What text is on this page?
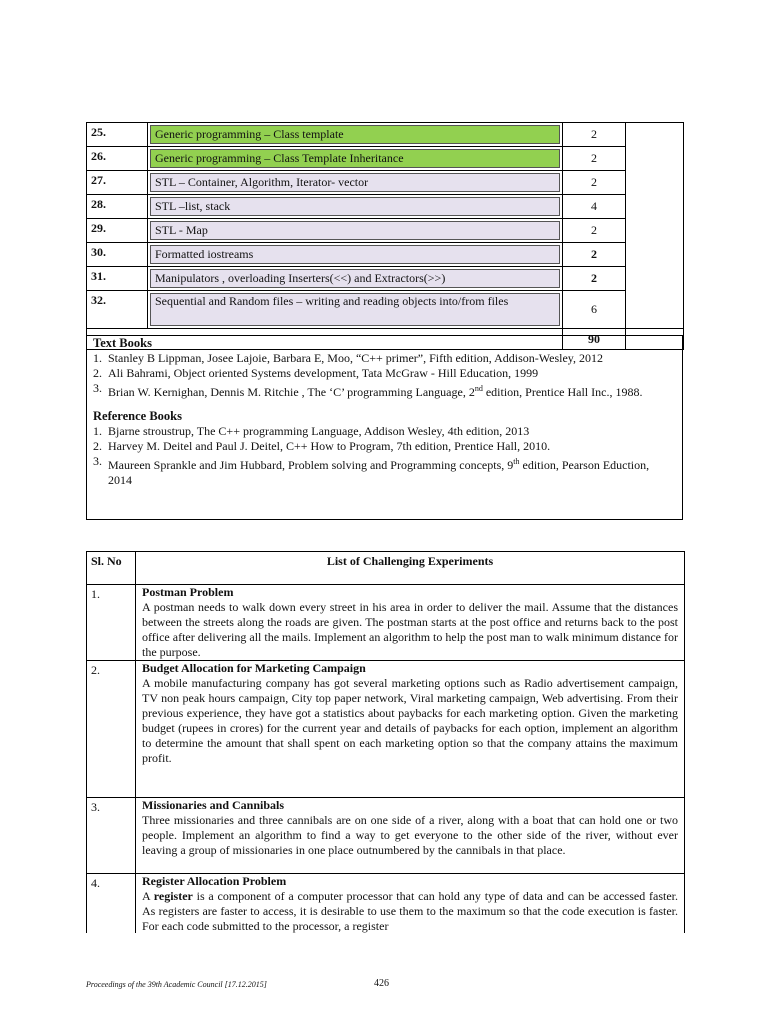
25.	Generic programming – Class template	2	
26.	Generic programming – Class Template Inheritance	2	
27.	STL – Container, Algorithm, Iterator- vector	2	
28.	STL –list, stack	4	
29.	STL - Map	2	
30.	Formatted iostreams	2	
31.	Manipulators , overloading Inserters(<<) and Extractors(>>)	2	
32.	Sequential and Random files – writing and reading objects into/from files	6	
		90	
Text Books
1. Stanley B Lippman, Josee Lajoie, Barbara E, Moo, “C++ primer”, Fifth edition, Addison-Wesley, 2012
2. Ali Bahrami, Object oriented Systems development, Tata McGraw - Hill Education, 1999
3. Brian W. Kernighan, Dennis M. Ritchie , The ‘C’ programming Language, 2nd edition, Prentice Hall Inc., 1988.
Reference Books
1. Bjarne stroustrup, The C++ programming Language, Addison Wesley, 4th edition, 2013
2. Harvey M. Deitel and Paul J. Deitel, C++ How to Program, 7th edition, Prentice Hall, 2010.
3. Maureen Sprankle and Jim Hubbard, Problem solving and Programming concepts, 9th edition, Pearson Eduction, 2014
Sl. No	List of Challenging Experiments
1.	Postman Problem
A postman needs to walk down every street in his area in order to deliver the mail. Assume that the distances between the streets along the roads are given. The postman starts at the post office and returns back to the post office after delivering all the mails. Implement an algorithm to help the post man to walk minimum distance for the purpose.
2.	Budget Allocation for Marketing Campaign
A mobile manufacturing company has got several marketing options such as Radio advertisement campaign, TV non peak hours campaign, City top paper network, Viral marketing campaign, Web advertising. From their previous experience, they have got a statistics about paybacks for each marketing option. Given the marketing budget (rupees in crores) for the current year and details of paybacks for each option, implement an algorithm to determine the amount that shall spent on each marketing option so that the company attains the maximum profit.
3.	Missionaries and Cannibals
Three missionaries and three cannibals are on one side of a river, along with a boat that can hold one or two people. Implement an algorithm to find a way to get everyone to the other side of the river, without ever leaving a group of missionaries in one place outnumbered by the cannibals in that place.
4.	Register Allocation Problem
A register is a component of a computer processor that can hold any type of data and can be accessed faster. As registers are faster to access, it is desirable to use them to the maximum so that the code execution is faster. For each code submitted to the processor, a register
Proceedings of the 39th Academic Council [17.12.2015]	426
